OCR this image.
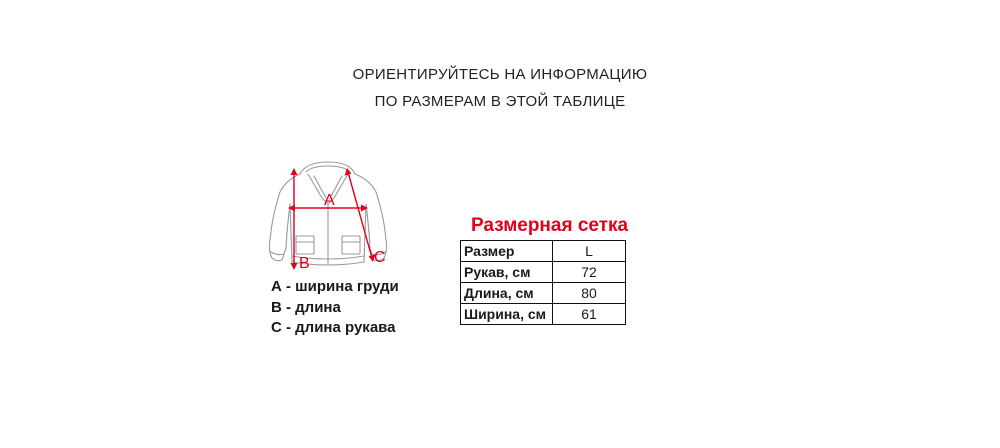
ОРИЕНТИРУЙТЕСЬ НА ИНФОРМАЦИЮ
ПО РАЗМЕРАМ В ЭТОЙ ТАБЛИЦЕ
A
B	C
А - ширина груди
В - длина
С - длина рукава
Размерная сетка
Размер	L
Рукав, см	72
Длина, см	80
Ширина, см	61
